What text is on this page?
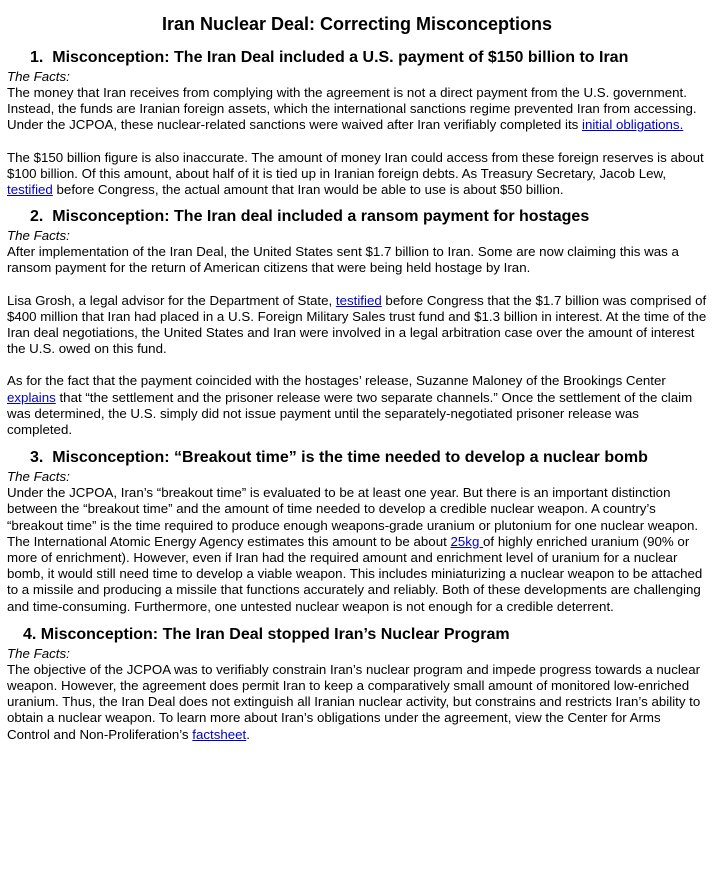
Iran Nuclear Deal: Correcting Misconceptions
1. Misconception: The Iran Deal included a U.S. payment of $150 billion to Iran
The Facts:

The money that Iran receives from complying with the agreement is not a direct payment from the U.S. government. Instead, the funds are Iranian foreign assets, which the international sanctions regime prevented Iran from accessing. Under the JCPOA, these nuclear-related sanctions were waived after Iran verifiably completed its initial obligations.

The $150 billion figure is also inaccurate. The amount of money Iran could access from these foreign reserves is about $100 billion. Of this amount, about half of it is tied up in Iranian foreign debts. As Treasury Secretary, Jacob Lew, testified before Congress, the actual amount that Iran would be able to use is about $50 billion.

2. Misconception: The Iran deal included a ransom payment for hostages
The Facts:

After implementation of the Iran Deal, the United States sent $1.7 billion to Iran. Some are now claiming this was a ransom payment for the return of American citizens that were being held hostage by Iran.

Lisa Grosh, a legal advisor for the Department of State, testified before Congress that the $1.7 billion was comprised of $400 million that Iran had placed in a U.S. Foreign Military Sales trust fund and $1.3 billion in interest. At the time of the Iran deal negotiations, the United States and Iran were involved in a legal arbitration case over the amount of interest the U.S. owed on this fund.

As for the fact that the payment coincided with the hostages’ release, Suzanne Maloney of the Brookings Center explains that “the settlement and the prisoner release were two separate channels.” Once the settlement of the claim was determined, the U.S. simply did not issue payment until the separately-negotiated prisoner release was completed.

3. Misconception: “Breakout time” is the time needed to develop a nuclear bomb
The Facts:

Under the JCPOA, Iran’s “breakout time” is evaluated to be at least one year. But there is an important distinction between the “breakout time” and the amount of time needed to develop a credible nuclear weapon. A country’s “breakout time” is the time required to produce enough weapons-grade uranium or plutonium for one nuclear weapon. The International Atomic Energy Agency estimates this amount to be about 25kg of highly enriched uranium (90% or more of enrichment). However, even if Iran had the required amount and enrichment level of uranium for a nuclear bomb, it would still need time to develop a viable weapon. This includes miniaturizing a nuclear weapon to be attached to a missile and producing a missile that functions accurately and reliably. Both of these developments are challenging and time-consuming. Furthermore, one untested nuclear weapon is not enough for a credible deterrent.

4. Misconception: The Iran Deal stopped Iran’s Nuclear Program
The Facts:

The objective of the JCPOA was to verifiably constrain Iran’s nuclear program and impede progress towards a nuclear weapon. However, the agreement does permit Iran to keep a comparatively small amount of monitored low-enriched uranium. Thus, the Iran Deal does not extinguish all Iranian nuclear activity, but constrains and restricts Iran’s ability to obtain a nuclear weapon. To learn more about Iran’s obligations under the agreement, view the Center for Arms Control and Non-Proliferation’s factsheet.
